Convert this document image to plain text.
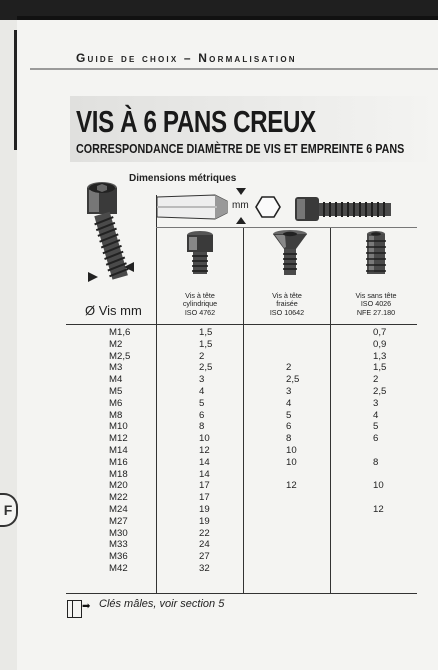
F
Guide de choix – Normalisation
VIS À 6 PANS CREUX
CORRESPONDANCE DIAMÈTRE DE VIS ET EMPREINTE 6 PANS
Dimensions métriques
mm
Vis à tête
cylindrique
ISO 4762
Vis à tête
fraisée
ISO 10642
Vis sans tête
ISO 4026
NFE 27.180
Ø Vis mm
M1,6
M2
M2,5
M3
M4
M5
M6
M8
M10
M12
M14
M16
M18
M20
M22
M24
M27
M30
M33
M36
M42
1,5
1,5
2
2,5
3
4
5
6
8
10
12
14
14
17
17
19
19
22
24
27
32
2
2,5
3
4
5
6
8
10
10
12
0,7
0,9
1,3
1,5
2
2,5
3
4
5
6
8
10
12
➡ Clés mâles, voir section 5
